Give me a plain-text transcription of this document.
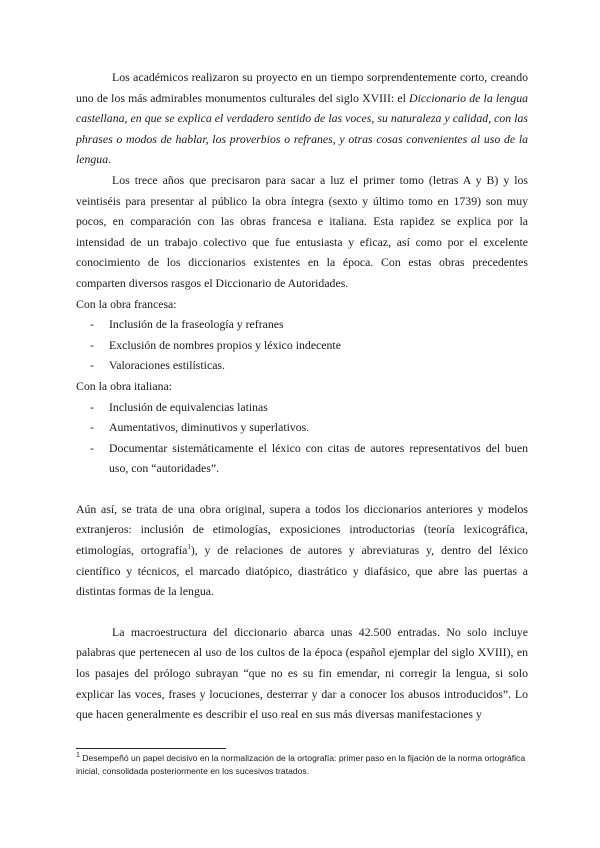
Los académicos realizaron su proyecto en un tiempo sorprendentemente corto, creando uno de los más admirables monumentos culturales del siglo XVIII: el Diccionario de la lengua castellana, en que se explica el verdadero sentido de las voces, su naturaleza y calidad, con las phrases o modos de hablar, los proverbios o refranes, y otras cosas convenientes al uso de la lengua.

Los trece años que precisaron para sacar a luz el primer tomo (letras A y B) y los veintiséis para presentar al público la obra íntegra (sexto y último tomo en 1739) son muy pocos, en comparación con las obras francesa e italiana. Esta rapidez se explica por la intensidad de un trabajo colectivo que fue entusiasta y eficaz, así como por el excelente conocimiento de los diccionarios existentes en la época. Con estas obras precedentes comparten diversos rasgos el Diccionario de Autoridades.

Con la obra francesa:

- Inclusión de la fraseología y refranes
- Exclusión de nombres propios y léxico indecente
- Valoraciones estilísticas.

Con la obra italiana:

- Inclusión de equivalencias latinas
- Aumentativos, diminutivos y superlativos.
- Documentar sistemáticamente el léxico con citas de autores representativos del buen uso, con “autoridades”.

Aún así, se trata de una obra original, supera a todos los diccionarios anteriores y modelos extranjeros: inclusión de etimologías, exposiciones introductorias (teoría lexicográfica, etimologías, ortografía$^1$), y de relaciones de autores y abreviaturas y, dentro del léxico científico y técnicos, el marcado diatópico, diastrático y diafásico, que abre las puertas a distintas formas de la lengua.

La macroestructura del diccionario abarca unas 42.500 entradas. No solo incluye palabras que pertenecen al uso de los cultos de la época (español ejemplar del siglo XVIII), en los pasajes del prólogo subrayan “que no es su fin emendar, ni corregir la lengua, si solo explicar las voces, frases y locuciones, desterrar y dar a conocer los abusos introducidos”. Lo que hacen generalmente es describir el uso real en sus más diversas manifestaciones y

$^1$ Desempeñó un papel decisivo en la normalización de la ortografía: primer paso en la fijación de la norma ortográfica inicial, consolidada posteriormente en los sucesivos tratados.
